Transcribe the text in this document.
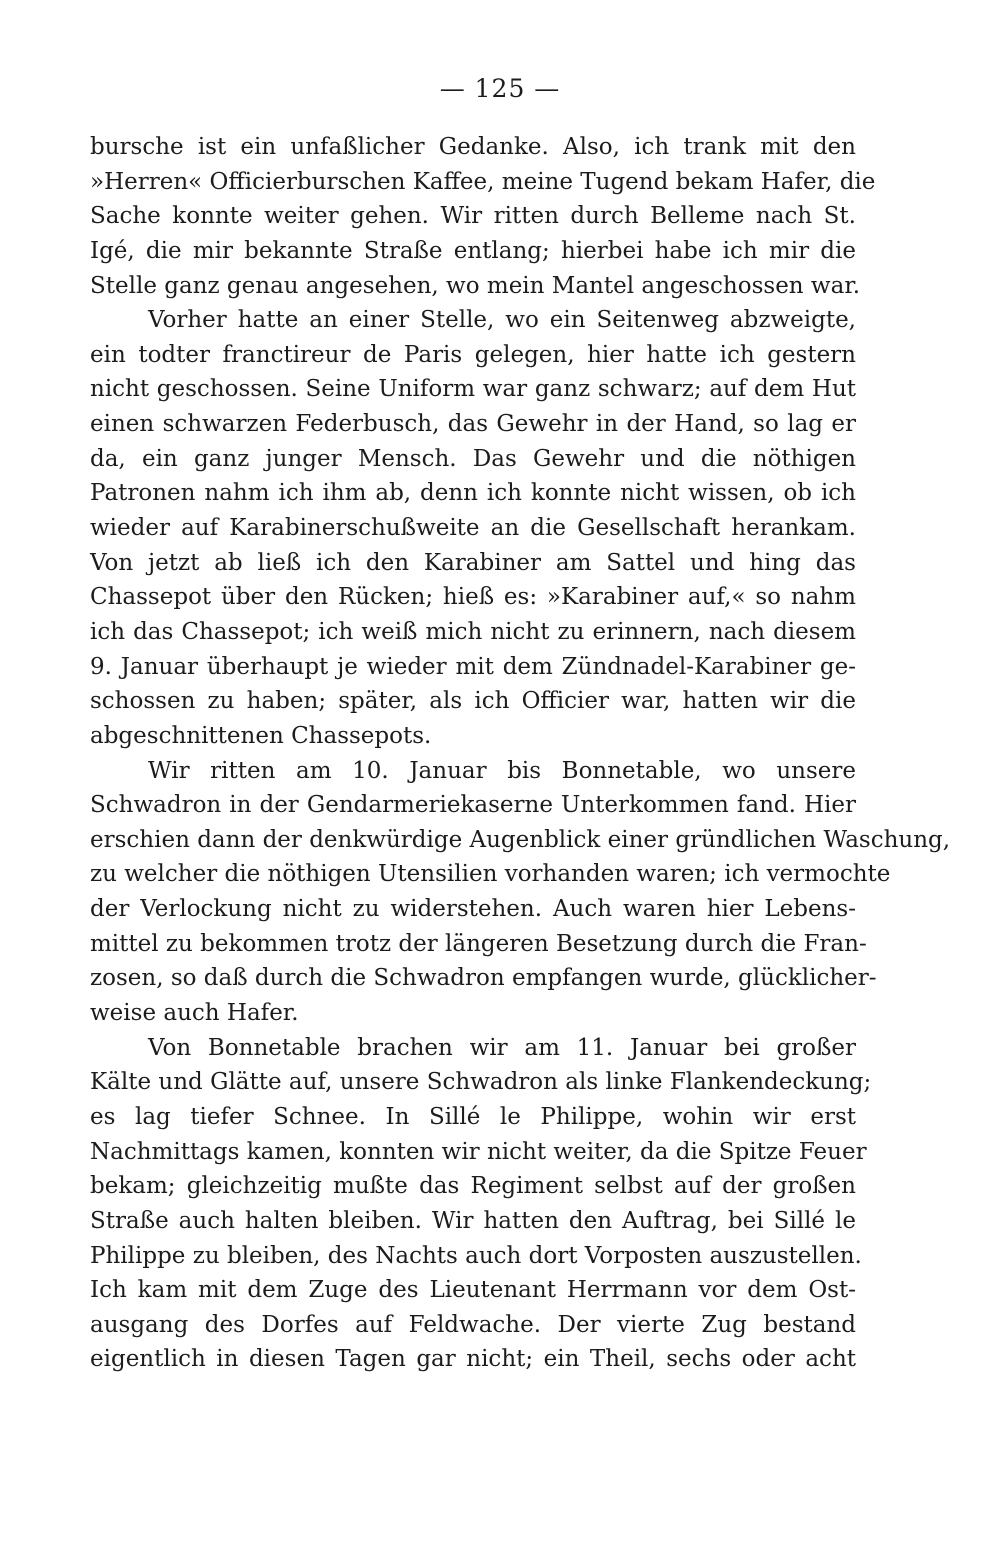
— 125 —
bursche ist ein unfaßlicher Gedanke. Also, ich trank mit den
»Herren« Officierburschen Kaffee, meine Tugend bekam Hafer, die
Sache konnte weiter gehen. Wir ritten durch Belleme nach St.
Igé, die mir bekannte Straße entlang; hierbei habe ich mir die
Stelle ganz genau angesehen, wo mein Mantel angeschossen war.
Vorher hatte an einer Stelle, wo ein Seitenweg abzweigte,
ein todter franctireur de Paris gelegen, hier hatte ich gestern
nicht geschossen. Seine Uniform war ganz schwarz; auf dem Hut
einen schwarzen Federbusch, das Gewehr in der Hand, so lag er
da, ein ganz junger Mensch. Das Gewehr und die nöthigen
Patronen nahm ich ihm ab, denn ich konnte nicht wissen, ob ich
wieder auf Karabinerschußweite an die Gesellschaft herankam.
Von jetzt ab ließ ich den Karabiner am Sattel und hing das
Chassepot über den Rücken; hieß es: »Karabiner auf,« so nahm
ich das Chassepot; ich weiß mich nicht zu erinnern, nach diesem
9. Januar überhaupt je wieder mit dem Zündnadel-Karabiner ge-
schossen zu haben; später, als ich Officier war, hatten wir die
abgeschnittenen Chassepots.
Wir ritten am 10. Januar bis Bonnetable, wo unsere
Schwadron in der Gendarmeriekaserne Unterkommen fand. Hier
erschien dann der denkwürdige Augenblick einer gründlichen Waschung,
zu welcher die nöthigen Utensilien vorhanden waren; ich vermochte
der Verlockung nicht zu widerstehen. Auch waren hier Lebens-
mittel zu bekommen trotz der längeren Besetzung durch die Fran-
zosen, so daß durch die Schwadron empfangen wurde, glücklicher-
weise auch Hafer.
Von Bonnetable brachen wir am 11. Januar bei großer
Kälte und Glätte auf, unsere Schwadron als linke Flankendeckung;
es lag tiefer Schnee. In Sillé le Philippe, wohin wir erst
Nachmittags kamen, konnten wir nicht weiter, da die Spitze Feuer
bekam; gleichzeitig mußte das Regiment selbst auf der großen
Straße auch halten bleiben. Wir hatten den Auftrag, bei Sillé le
Philippe zu bleiben, des Nachts auch dort Vorposten auszustellen.
Ich kam mit dem Zuge des Lieutenant Herrmann vor dem Ost-
ausgang des Dorfes auf Feldwache. Der vierte Zug bestand
eigentlich in diesen Tagen gar nicht; ein Theil, sechs oder acht
